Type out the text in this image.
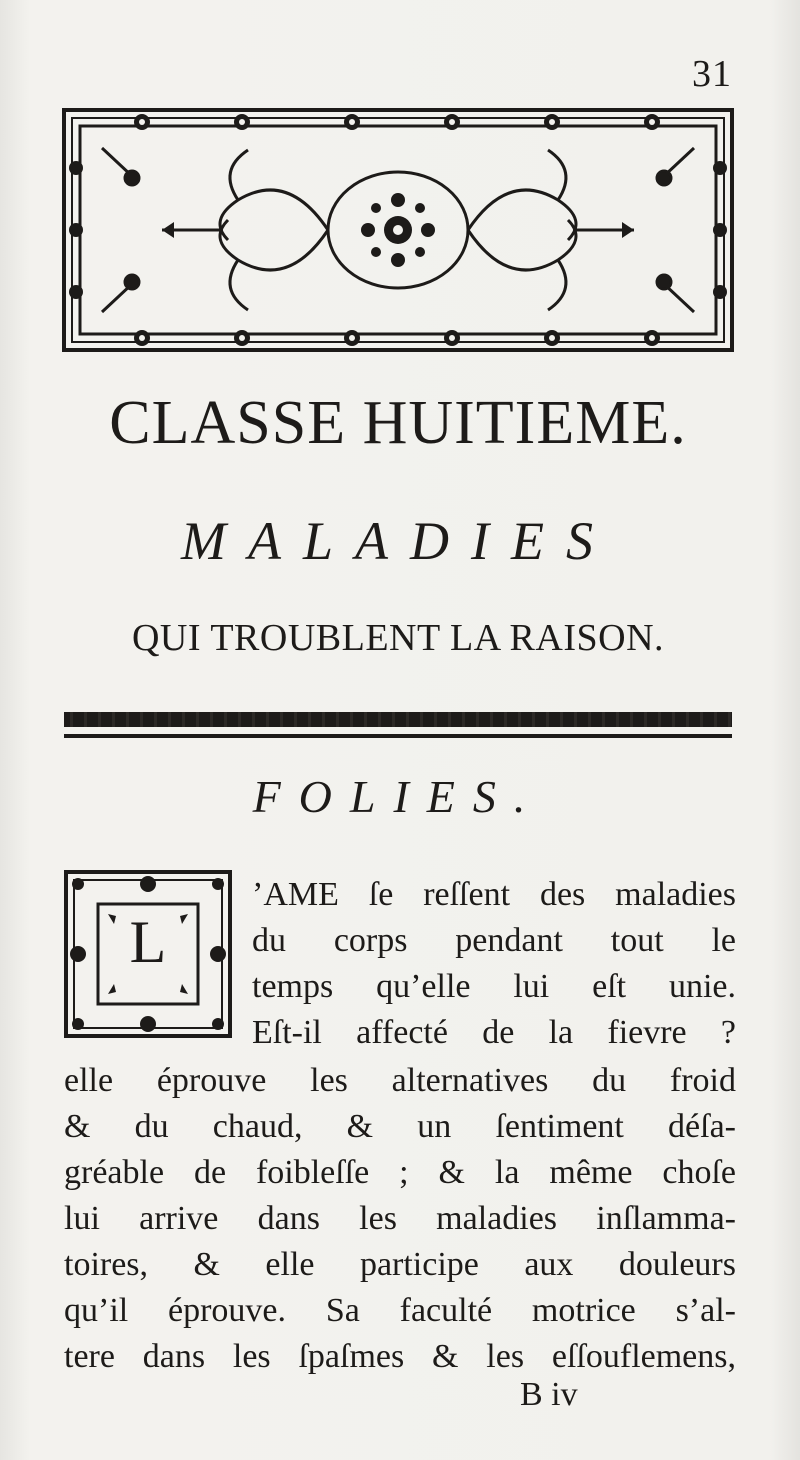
31
CLASSE HUITIEME.
MALADIES
QUI TROUBLENT LA RAISON.
FOLIES.
L
’AME ſe reſſent des maladies
du corps pendant tout le
temps qu’elle lui eſt unie.
Eſt-il affecté de la fievre ?
elle éprouve les alternatives du froid
& du chaud, & un ſentiment déſa-
gréable de foibleſſe ; & la même choſe
lui arrive dans les maladies inſlamma-
toires, & elle participe aux douleurs
qu’il éprouve. Sa faculté motrice s’al-
tere dans les ſpaſmes & les eſſouflemens,
B iv
